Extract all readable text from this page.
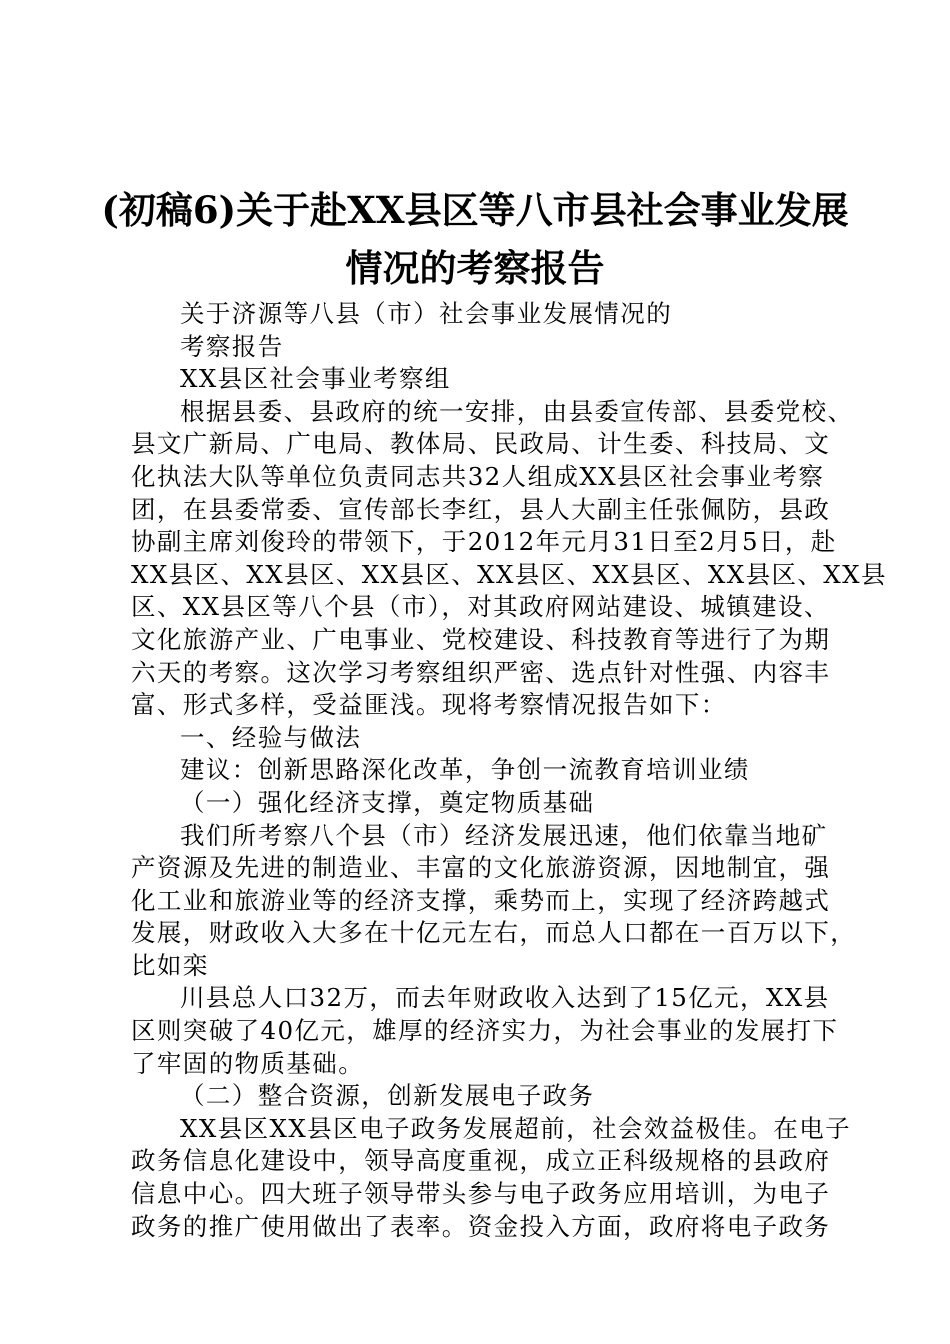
(初稿6)关于赴XX县区等八市县社会事业发展
情况的考察报告
关于济源等八县（市）社会事业发展情况的
考察报告
XX县区社会事业考察组
根据县委、县政府的统一安排，由县委宣传部、县委党校、
县文广新局、广电局、教体局、民政局、计生委、科技局、文
化执法大队等单位负责同志共32人组成XX县区社会事业考察
团，在县委常委、宣传部长李红，县人大副主任张佩防，县政
协副主席刘俊玲的带领下，于2012年元月31日至2月5日，赴
XX县区、XX县区、XX县区、XX县区、XX县区、XX县区、XX县
区、XX县区等八个县（市），对其政府网站建设、城镇建设、
文化旅游产业、广电事业、党校建设、科技教育等进行了为期
六天的考察。这次学习考察组织严密、选点针对性强、内容丰
富、形式多样，受益匪浅。现将考察情况报告如下：
一、经验与做法
建议：创新思路深化改革，争创一流教育培训业绩
（一）强化经济支撑，奠定物质基础
我们所考察八个县（市）经济发展迅速，他们依靠当地矿
产资源及先进的制造业、丰富的文化旅游资源，因地制宜，强
化工业和旅游业等的经济支撑，乘势而上，实现了经济跨越式
发展，财政收入大多在十亿元左右，而总人口都在一百万以下，
比如栾
川县总人口32万，而去年财政收入达到了15亿元，XX县
区则突破了40亿元，雄厚的经济实力，为社会事业的发展打下
了牢固的物质基础。
（二）整合资源，创新发展电子政务
XX县区XX县区电子政务发展超前，社会效益极佳。在电子
政务信息化建设中，领导高度重视，成立正科级规格的县政府
信息中心。四大班子领导带头参与电子政务应用培训，为电子
政务的推广使用做出了表率。资金投入方面，政府将电子政务
